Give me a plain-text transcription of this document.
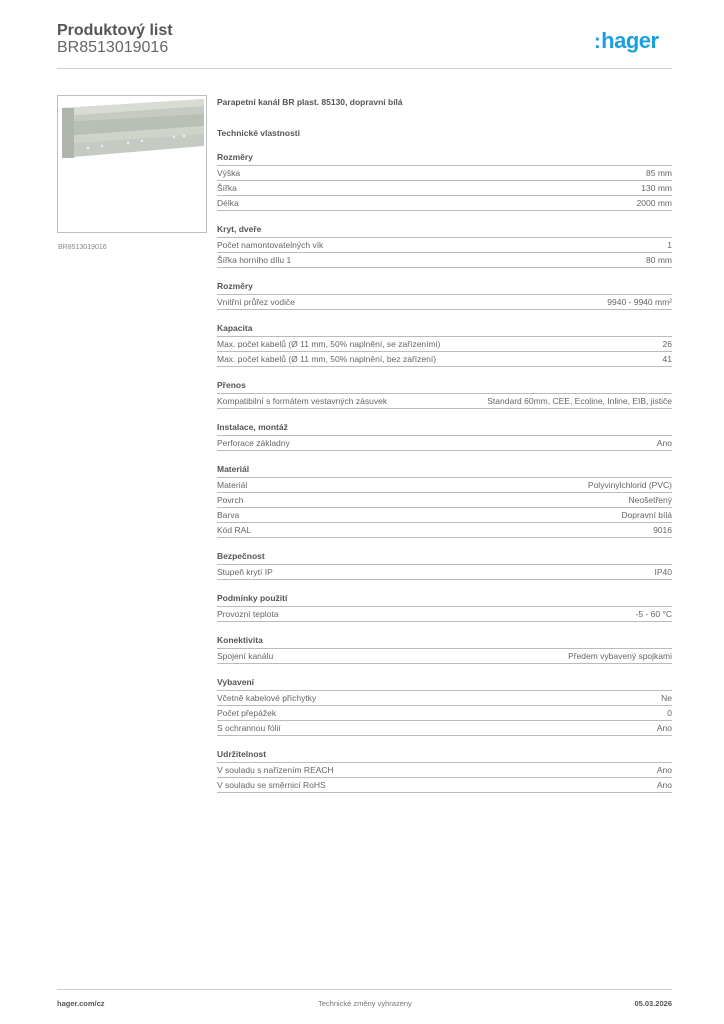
Produktový list
BR8513019016	:hager
BR8513019016
Parapetní kanál BR plast. 85130, dopravní bílá
Technické vlastnosti
Rozměry
Výška	85 mm
Šířka	130 mm
Délka	2000 mm
Kryt, dveře
Počet namontovatelných vík	1
Šířka horního dílu 1	80 mm
Rozměry
Vnitřní průřez vodiče	9940 - 9940 mm²
Kapacita
Max. počet kabelů (Ø 11 mm, 50% naplnění, se zařízeními)	26
Max. počet kabelů (Ø 11 mm, 50% naplnění, bez zařízení)	41
Přenos
Kompatibilní s formátem vestavných zásuvek	Standard 60mm, CEE, Ecoline, Inline, EIB, jističe
Instalace, montáž
Perforace základny	Ano
Materiál
Materiál	Polyvinylchlorid (PVC)
Povrch	Neošetřený
Barva	Dopravní bílá
Kód RAL	9016
Bezpečnost
Stupeň krytí IP	IP40
Podmínky použití
Provozní teplota	-5 - 60 °C
Konektivita
Spojení kanálu	Předem vybavený spojkami
Vybavení
Včetně kabelové příchytky	Ne
Počet přepážek	0
S ochrannou fólií	Ano
Udržitelnost
V souladu s nařízením REACH	Ano
V souladu se směrnicí RoHS	Ano
hager.com/cz	Technické změny vyhrazeny	05.03.2026
